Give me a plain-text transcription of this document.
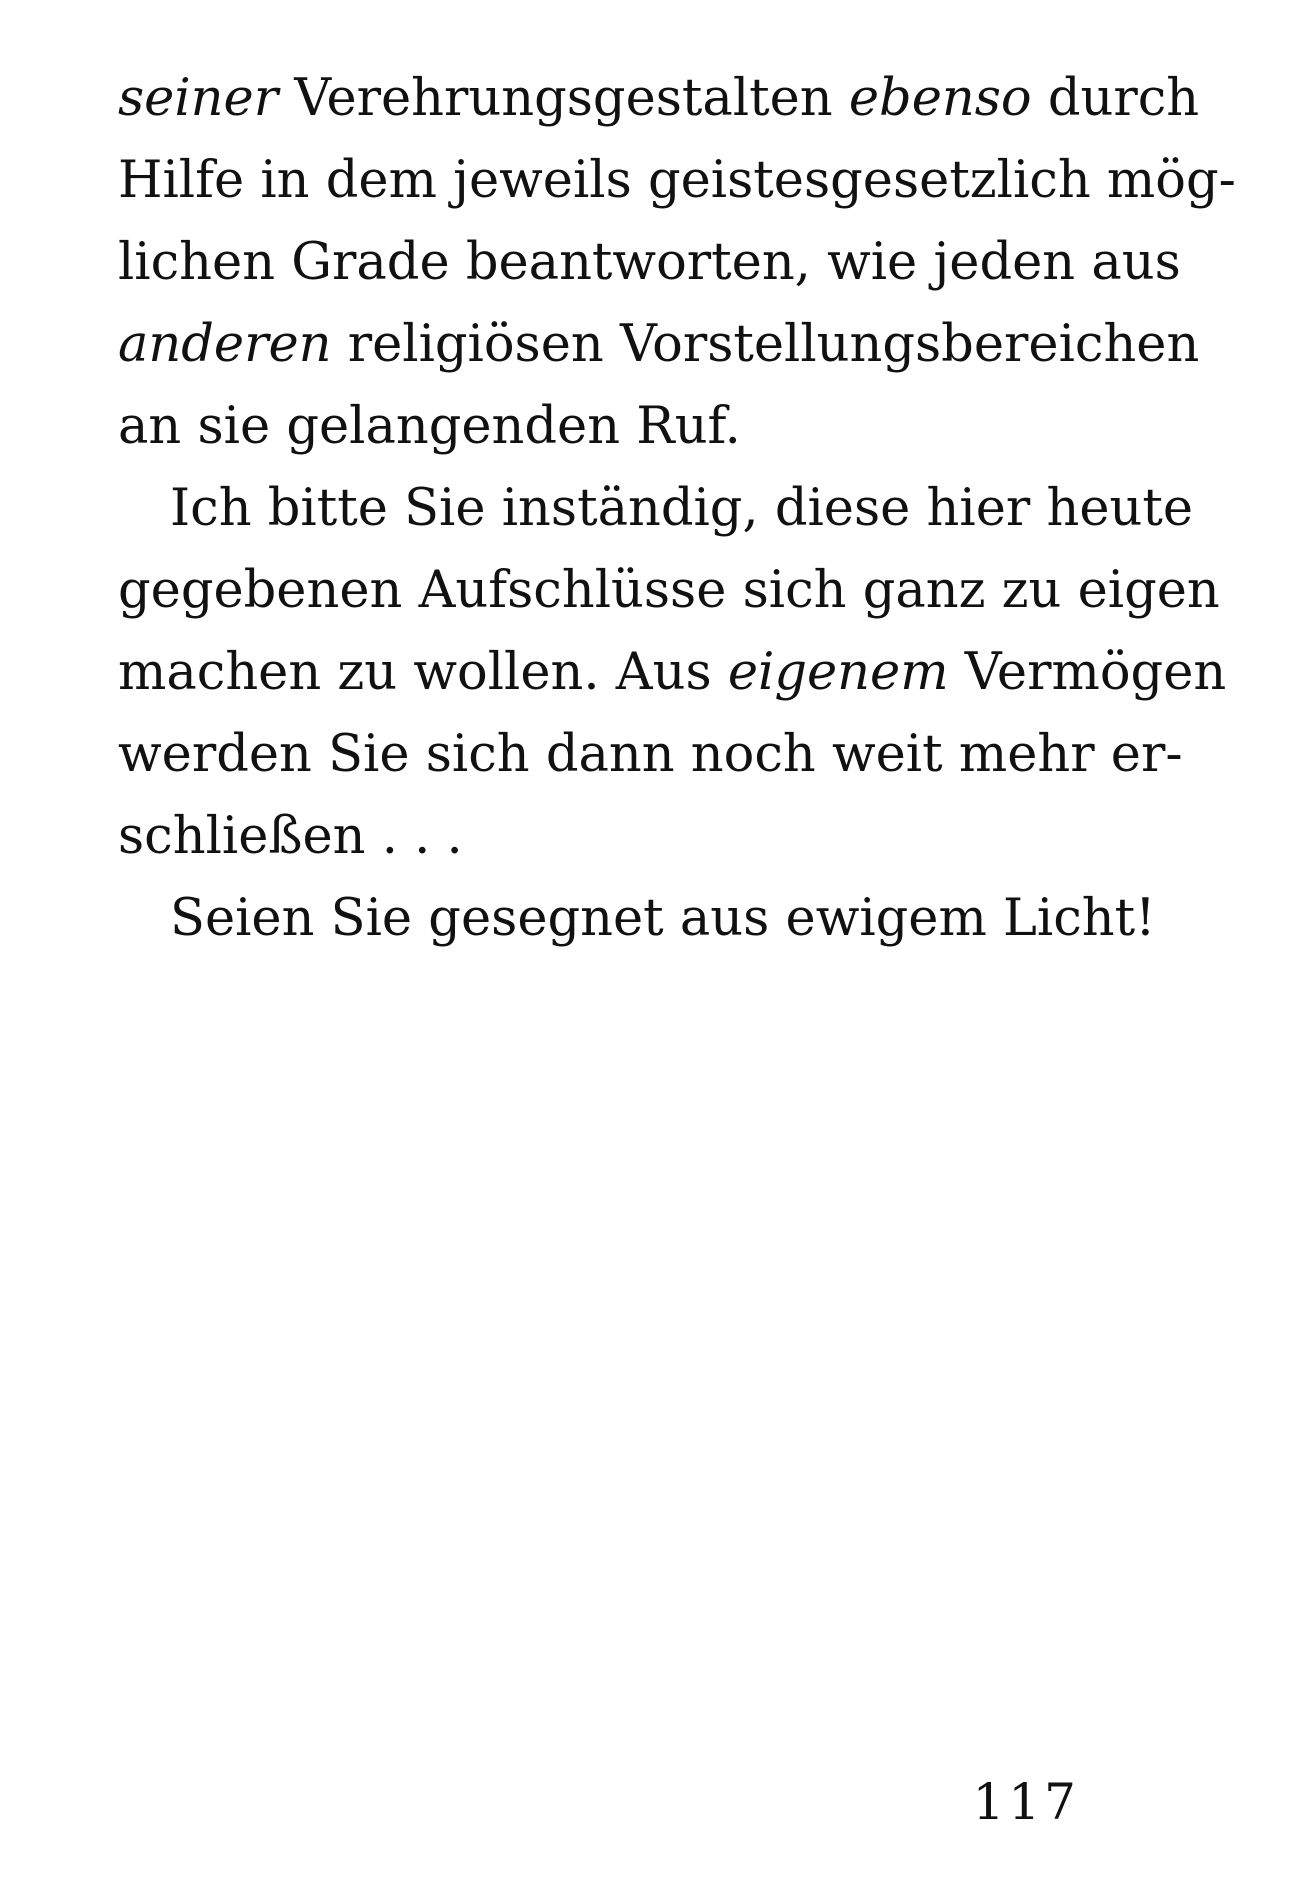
seiner Verehrungsgestalten ebenso durch
Hilfe in dem jeweils geistesgesetzlich mög-
lichen Grade beantworten, wie jeden aus
anderen religiösen Vorstellungsbereichen
an sie gelangenden Ruf.
Ich bitte Sie inständig, diese hier heute
gegebenen Aufschlüsse sich ganz zu eigen
machen zu wollen. Aus eigenem Vermögen
werden Sie sich dann noch weit mehr er-
schließen . . .
Seien Sie gesegnet aus ewigem Licht!
117
